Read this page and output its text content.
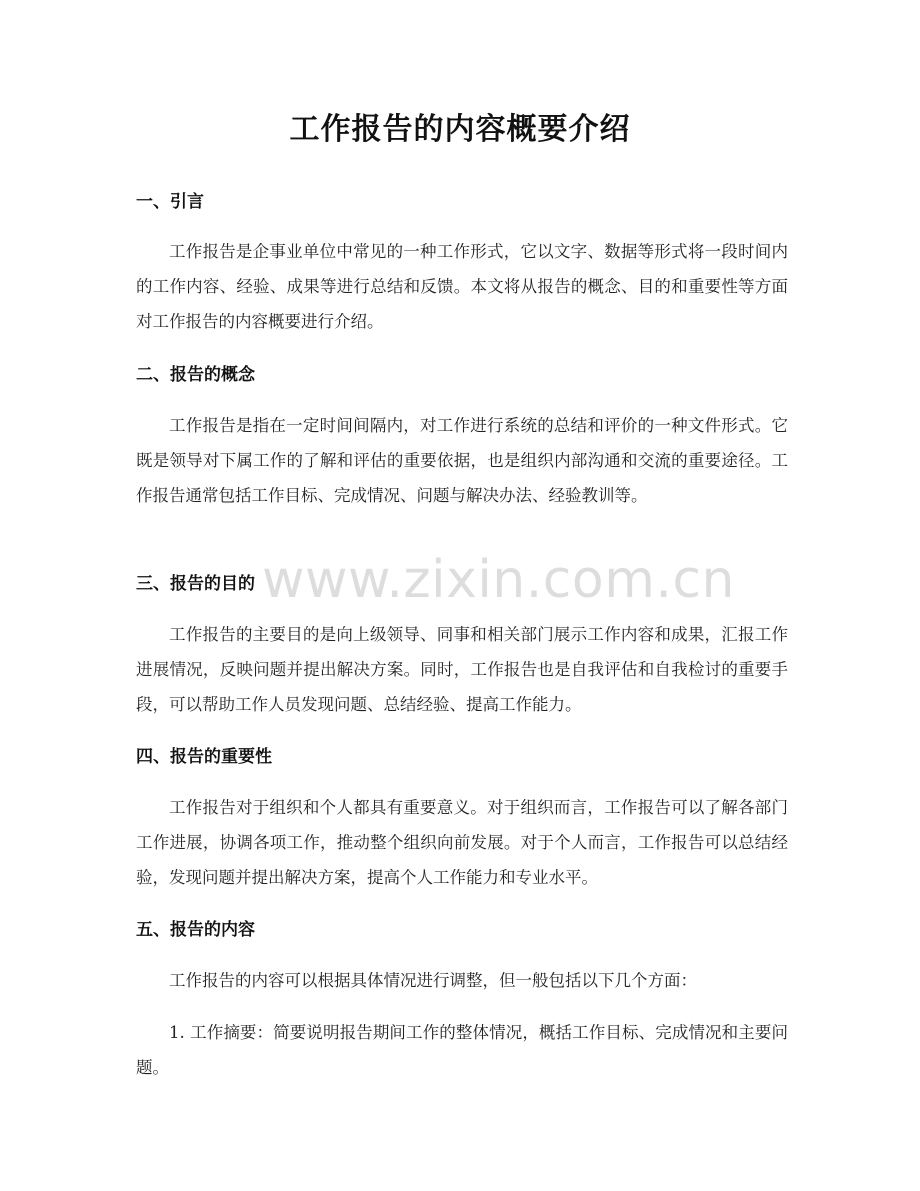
工作报告的内容概要介绍
www.zixin.com.cn
一、引言

工作报告是企事业单位中常见的一种工作形式，它以文字、数据等形式将一段时间内的工作内容、经验、成果等进行总结和反馈。本文将从报告的概念、目的和重要性等方面对工作报告的内容概要进行介绍。

二、报告的概念

工作报告是指在一定时间间隔内，对工作进行系统的总结和评价的一种文件形式。它既是领导对下属工作的了解和评估的重要依据，也是组织内部沟通和交流的重要途径。工作报告通常包括工作目标、完成情况、问题与解决办法、经验教训等。

三、报告的目的

工作报告的主要目的是向上级领导、同事和相关部门展示工作内容和成果，汇报工作进展情况，反映问题并提出解决方案。同时，工作报告也是自我评估和自我检讨的重要手段，可以帮助工作人员发现问题、总结经验、提高工作能力。

四、报告的重要性

工作报告对于组织和个人都具有重要意义。对于组织而言，工作报告可以了解各部门工作进展，协调各项工作，推动整个组织向前发展。对于个人而言，工作报告可以总结经验，发现问题并提出解决方案，提高个人工作能力和专业水平。

五、报告的内容

工作报告的内容可以根据具体情况进行调整，但一般包括以下几个方面：

1. 工作摘要：简要说明报告期间工作的整体情况，概括工作目标、完成情况和主要问题。
